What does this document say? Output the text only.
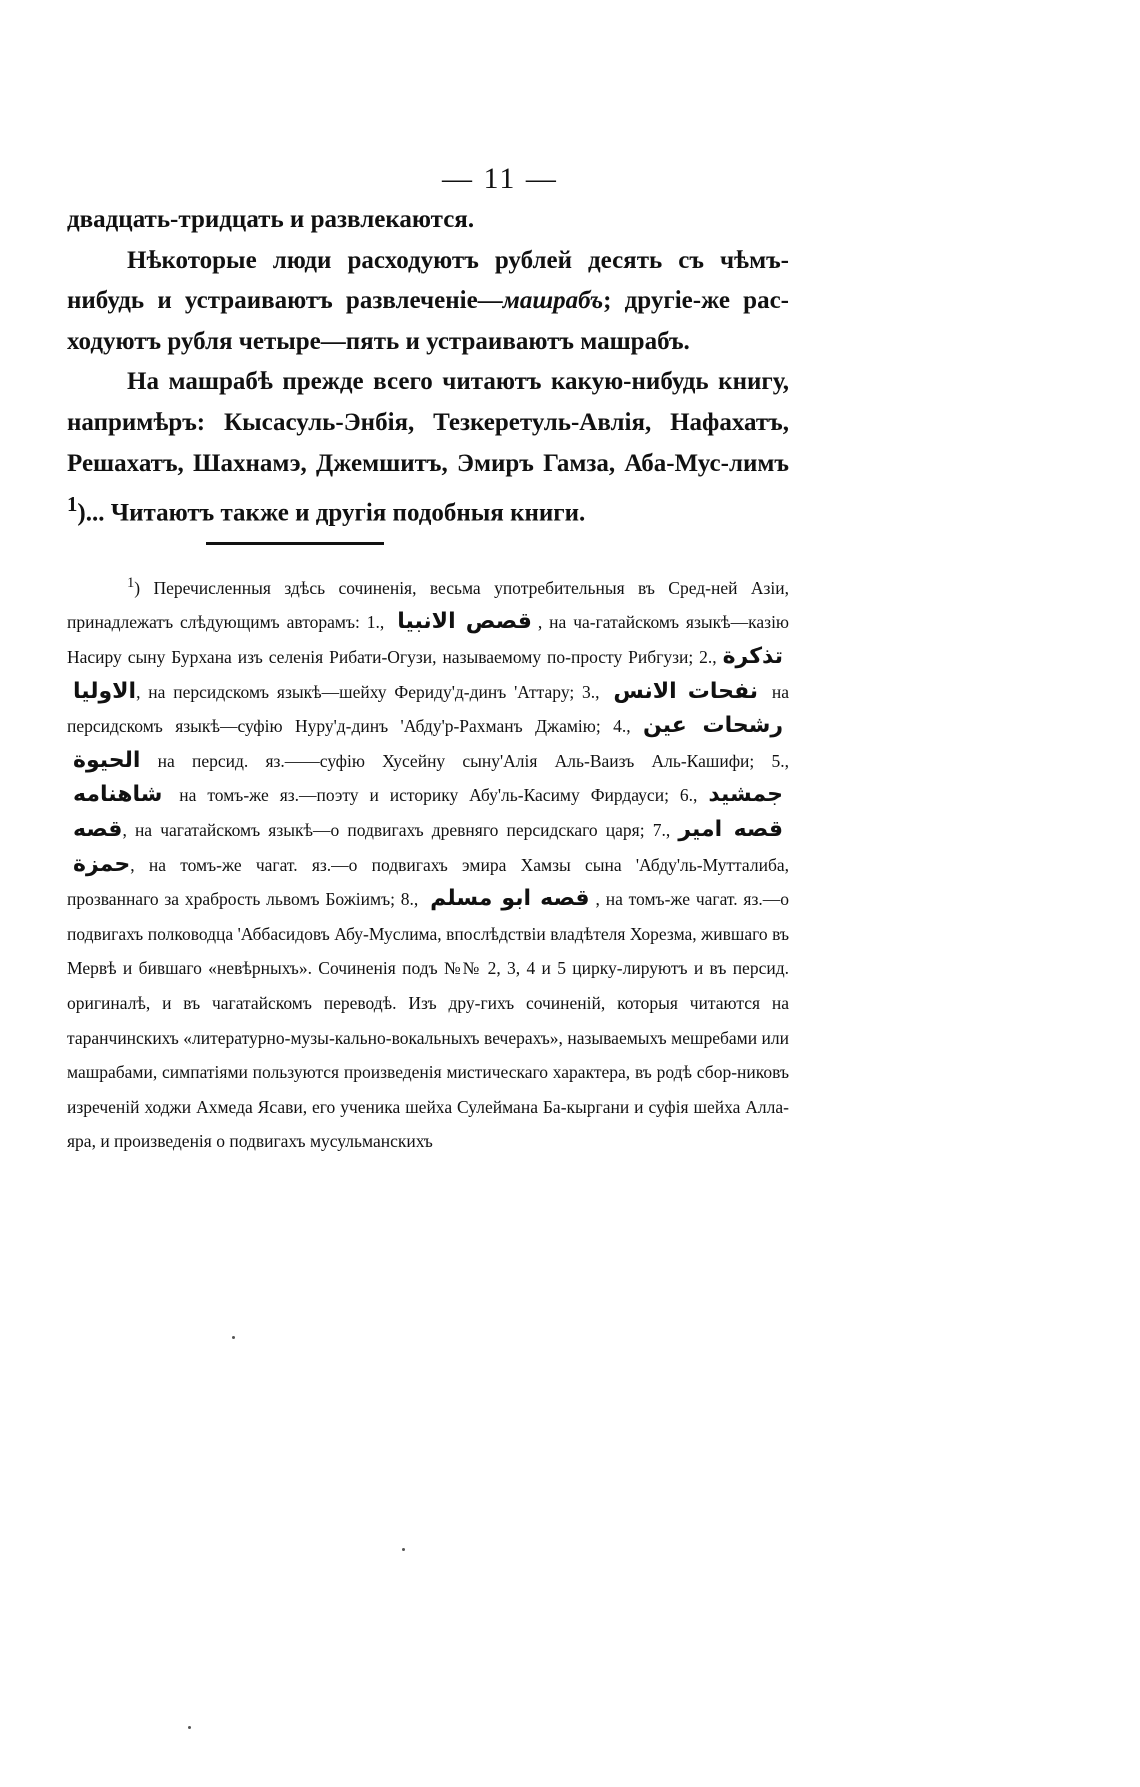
— 11 —

двадцать-тридцать и развлекаются.

Нѣкоторые люди расходуютъ рублей десять съ чѣмъ-нибудь и устраиваютъ развлеченіе—машрабъ; другіе-же рас-ходуютъ рубля четыре—пять и устраиваютъ машрабъ.

На машрабѣ прежде всего читаютъ какую-нибудь книгу, напримѣръ: Кысасуль-Энбія, Тезкеретуль-Авлія, Нафахатъ, Решахатъ, Шахнамэ, Джемшитъ, Эмиръ Гамза, Аба-Мус-лимъ $^1$)... Читаютъ также и другія подобныя книги.

$^1$) Перечисленныя здѣсь сочиненія, весьма употребительныя въ Сред-ней Азіи, принадлежатъ слѣдующимъ авторамъ: 1., قصص الانبيا , на ча-гатайскомъ языкѣ—казію Насиру сыну Бурхана изъ селенія Рибати-Огузи, называемому по-просту Рибгузи; 2., تذکرة الاوليا, на персидскомъ языкѣ—шейху Фериду'д-динъ 'Аттару; 3., نفحات الانس на персидскомъ языкѣ—суфію Нуру'д-динъ 'Абду'р-Рахманъ Джамію; 4., رشحات عين الحيوة на персид. яз.——суфію Хусейну сыну'Алія Аль-Ваизъ Аль-Кашифи; 5., شاهنامه на томъ-же яз.—поэту и историку Абу'ль-Касиму Фирдауси; 6., جمشيد قصه, на чагатайскомъ языкѣ—о подвигахъ древняго персидскаго царя; 7., قصه امير حمزة, на томъ-же чагат. яз.—о подвигахъ эмира Хамзы сына 'Абду'ль-Мутталиба, прозваннаго за храбрость львомъ Божіимъ; 8., قصه ابو مسلم , на томъ-же чагат. яз.—о подвигахъ полководца 'Аббасидовъ Абу-Муслима, впослѣдствіи владѣтеля Хорезма, жившаго въ Мервѣ и бившаго «невѣрныхъ». Сочиненія подъ №№ 2, 3, 4 и 5 цирку-лируютъ и въ персид. оригиналѣ, и въ чагатайскомъ переводѣ. Изъ дру-гихъ сочиненій, которыя читаются на таранчинскихъ «литературно-музы-кально-вокальныхъ вечерахъ», называемыхъ мешребами или машрабами, симпатіями пользуются произведенія мистическаго характера, въ родѣ сбор-никовъ изреченій ходжи Ахмеда Ясави, его ученика шейха Сулеймана Ба-кыргани и суфія шейха Алла-яра, и произведенія о подвигахъ мусульманскихъ
